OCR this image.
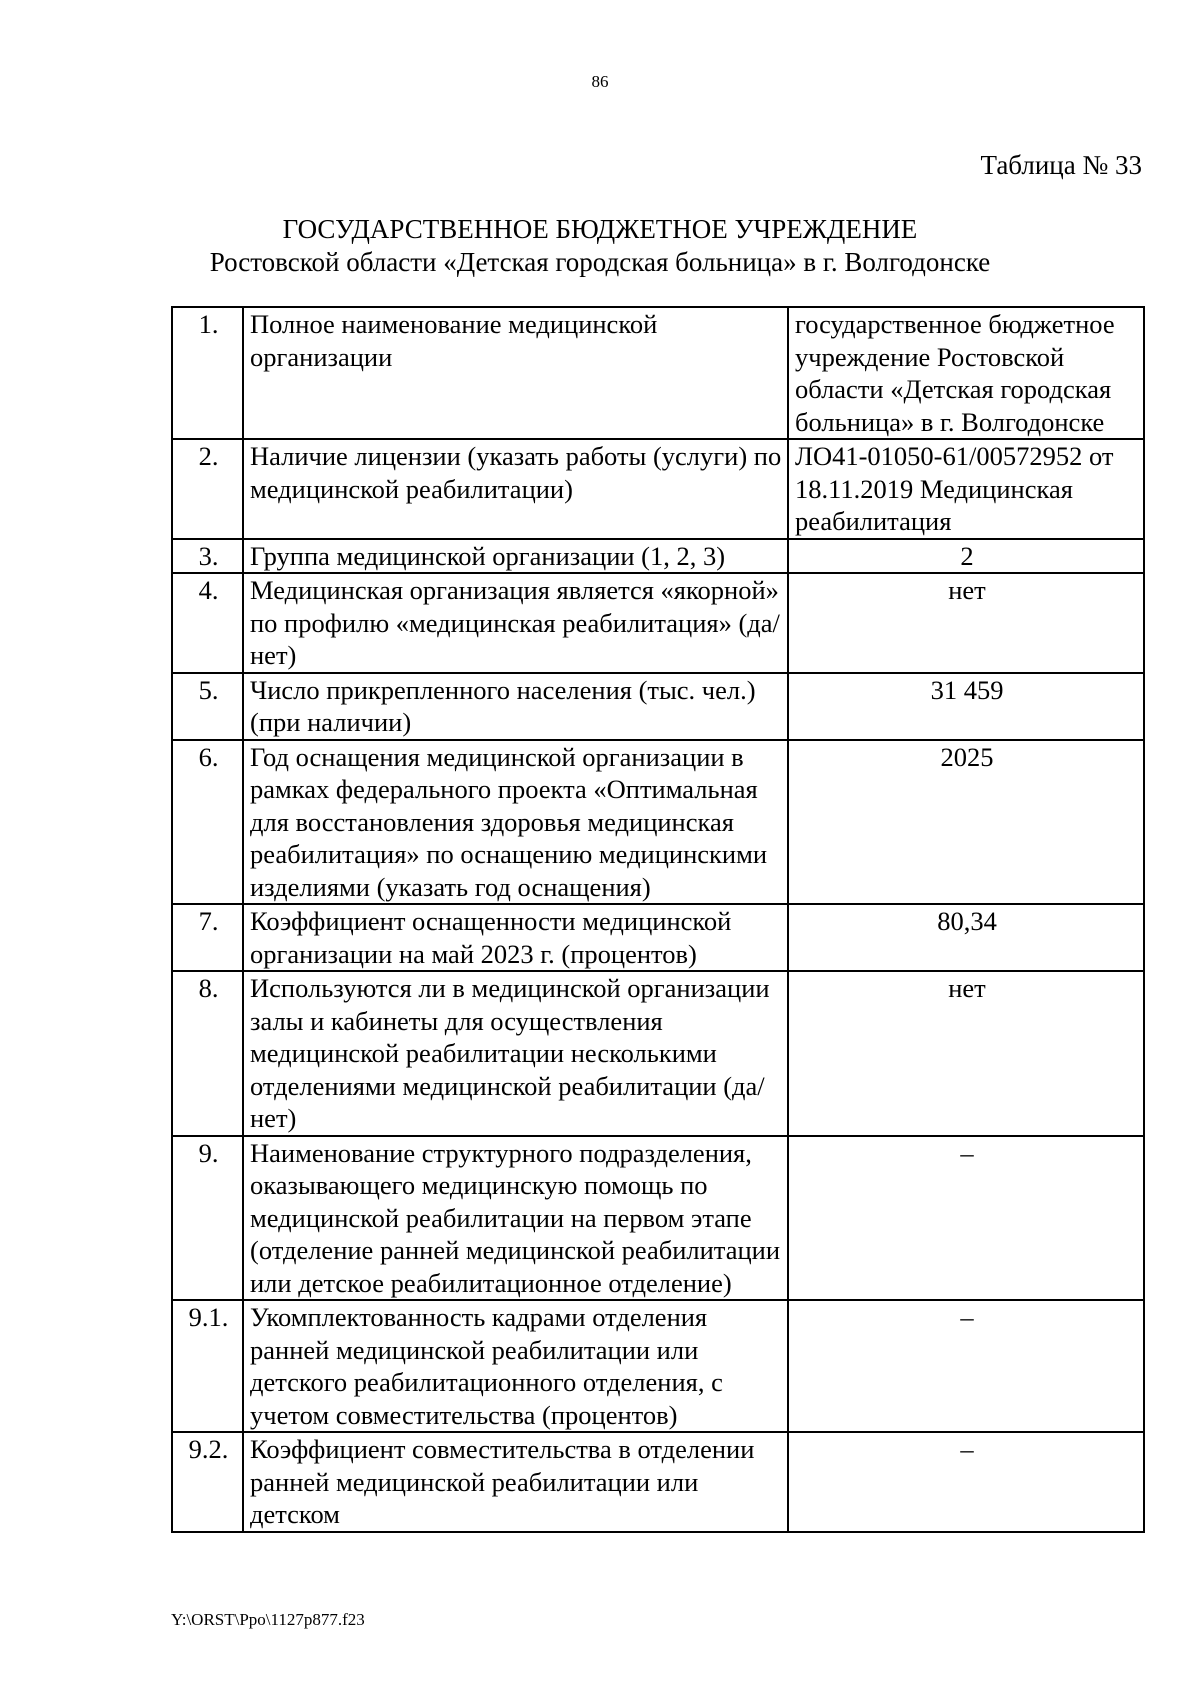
86
Таблица № 33
ГОСУДАРСТВЕННОЕ БЮДЖЕТНОЕ УЧРЕЖДЕНИЕ
Ростовской области «Детская городская больница» в г. Волгодонске
1.	Полное наименование медицинской организации	государственное бюджетное учреждение Ростовской области «Детская городская больница» в г. Волгодонске
2.	Наличие лицензии (указать работы (услуги) по медицинской реабилитации)	ЛО41-01050-61/00572952 от 18.11.2019 Медицинская реабилитация
3.	Группа медицинской организации (1, 2, 3)	2
4.	Медицинская организация является «якорной» по профилю «медицинская реабилитация» (да/нет)	нет
5.	Число прикрепленного населения (тыс. чел.) (при наличии)	31 459
6.	Год оснащения медицинской организации в рамках федерального проекта «Оптимальная для восстановления здоровья медицинская реабилитация» по оснащению медицинскими изделиями (указать год оснащения)	2025
7.	Коэффициент оснащенности медицинской организации на май 2023 г. (процентов)	80,34
8.	Используются ли в медицинской организации залы и кабинеты для осуществления медицинской реабилитации несколькими отделениями медицинской реабилитации (да/нет)	нет
9.	Наименование структурного подразделения, оказывающего медицинскую помощь по медицинской реабилитации на первом этапе (отделение ранней медицинской реабилитации или детское реабилитационное отделение)	–
9.1.	Укомплектованность кадрами отделения ранней медицинской реабилитации или детского реабилитационного отделения, с учетом совместительства (процентов)	–
9.2.	Коэффициент совместительства в отделении ранней медицинской реабилитации или детском	–
Y:\ORST\Ppo\1127p877.f23
